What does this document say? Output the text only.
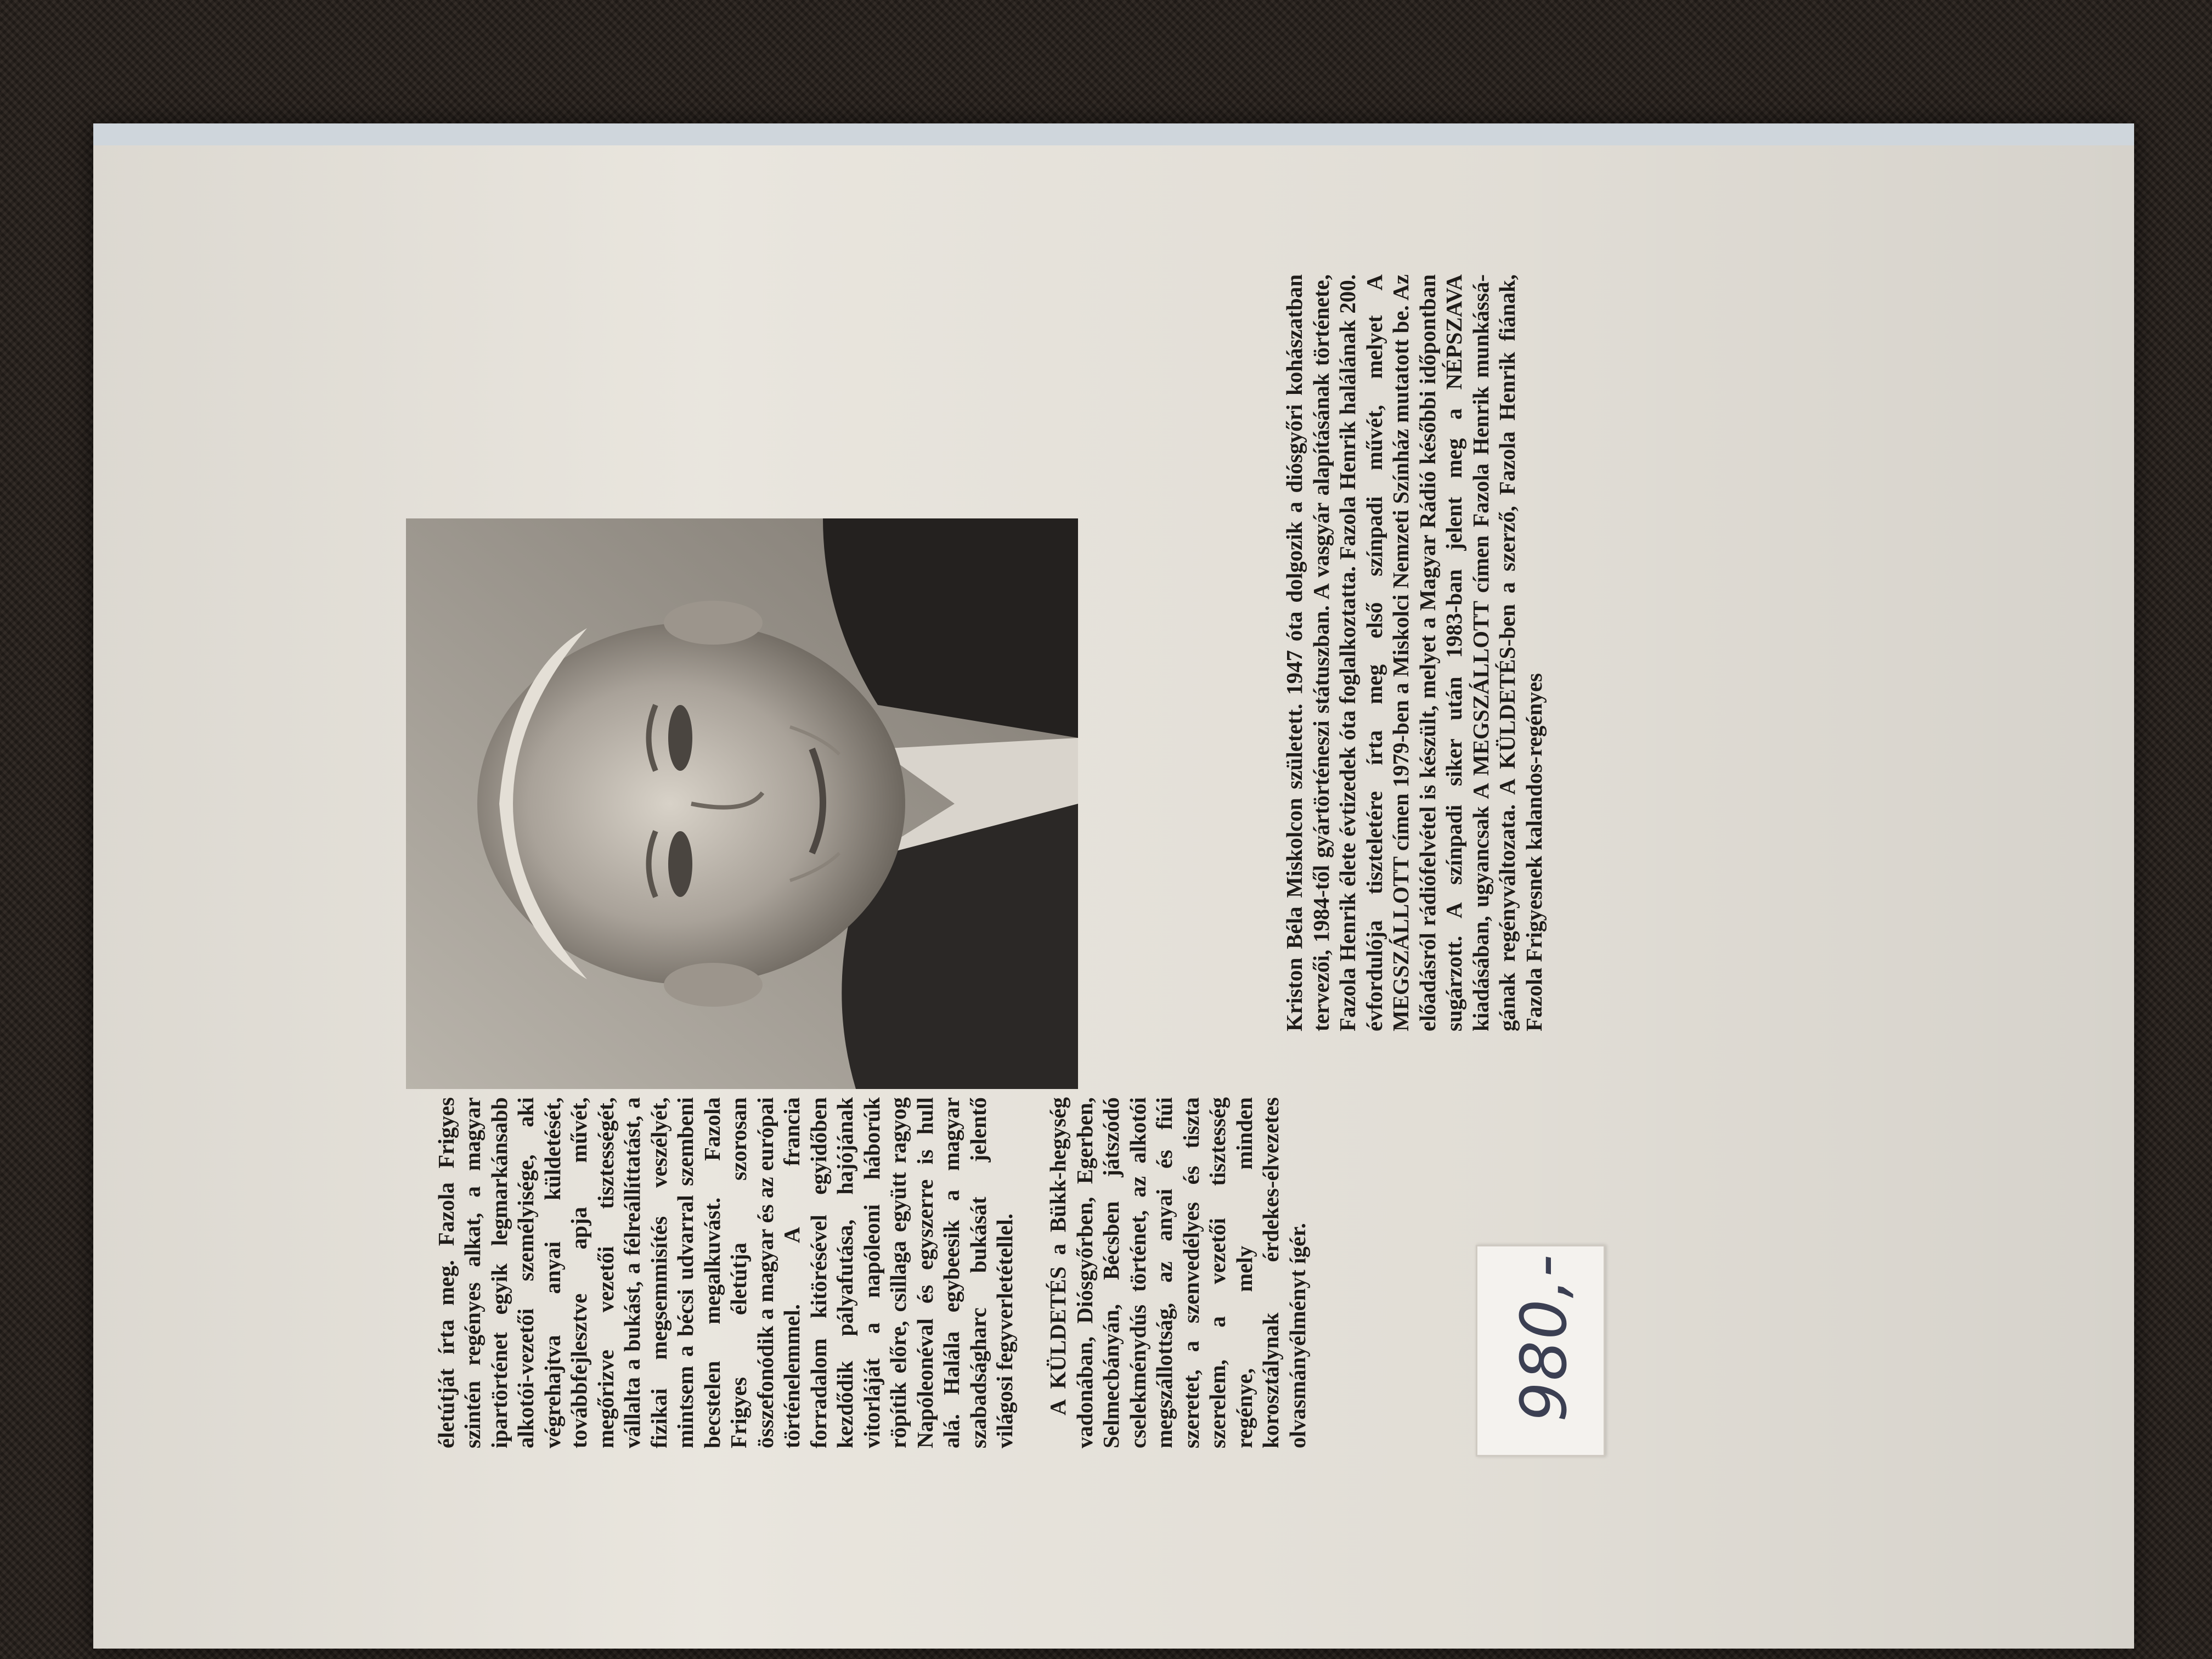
Kriston Béla Miskolcon született. 1947 óta dolgozik a diósgyőri kohászatban tervezői, 1984-től gyártörténeszi státuszban. A vasgyár alapításának története, Fazola Henrik élete évtizedek óta foglalkoztatta. Fazola Henrik halálának 200. évfordulója tiszteletére írta meg első színpadi művét, melyet A MEGSZÁLLOTT címen 1979-ben a Miskolci Nemzeti Színház mutatott be. Az előadásról rádiófelvétel is készült, melyet a Magyar Rádió későbbi időpontban sugárzott. A színpadi siker után 1983-ban jelent meg a NÉPSZAVA kiadásában, ugyancsak A MEGSZÁLLOTT címen Fazola Henrik munkássá-gának regényváltozata. A KÜLDETÉS-ben a szerző, Fazola Henrik fiának, Fazola Frigyesnek kalandos-regényes

életútját írta meg. Fazola Frigyes szintén regényes alkat, a magyar ipartörténet egyik legmarkánsabb alkotói-vezetői személyisége, aki végrehajtva anyai küldetését, továbbfejlesztve apja művét, megőrizve vezetői tisztességét, vállalta a bukást, a félreállíttatást, a fizikai megsemmisítés veszélyét, mintsem a bécsi udvarral szembeni becstelen megalkuvást. Fazola Frigyes életútja szorosan összefonódik a magyar és az európai történelemmel. A francia forradalom kitörésével egyidőben kezdődik pályafutása, hajójának vitorláját a napóleoni háborúk röpítik előre, csillaga együtt ragyog Napóleonéval és egyszerre is hull alá. Halála egybeesik a magyar szabadságharc bukását jelentő világosi fegyverletétellel. A KÜLDETÉS a Bükk-hegység vadonában, Diósgyőrben, Egerben, Selmecbányán, Bécsben játszódó cselekménydús történet, az alkotói megszállottság, az anyai és fiúi szeretet, a szenvedélyes és tiszta szerelem, a vezetői tisztesség regénye, mely minden korosztálynak érdekes-élvezetes olvasmányélményt ígér.	980,-
